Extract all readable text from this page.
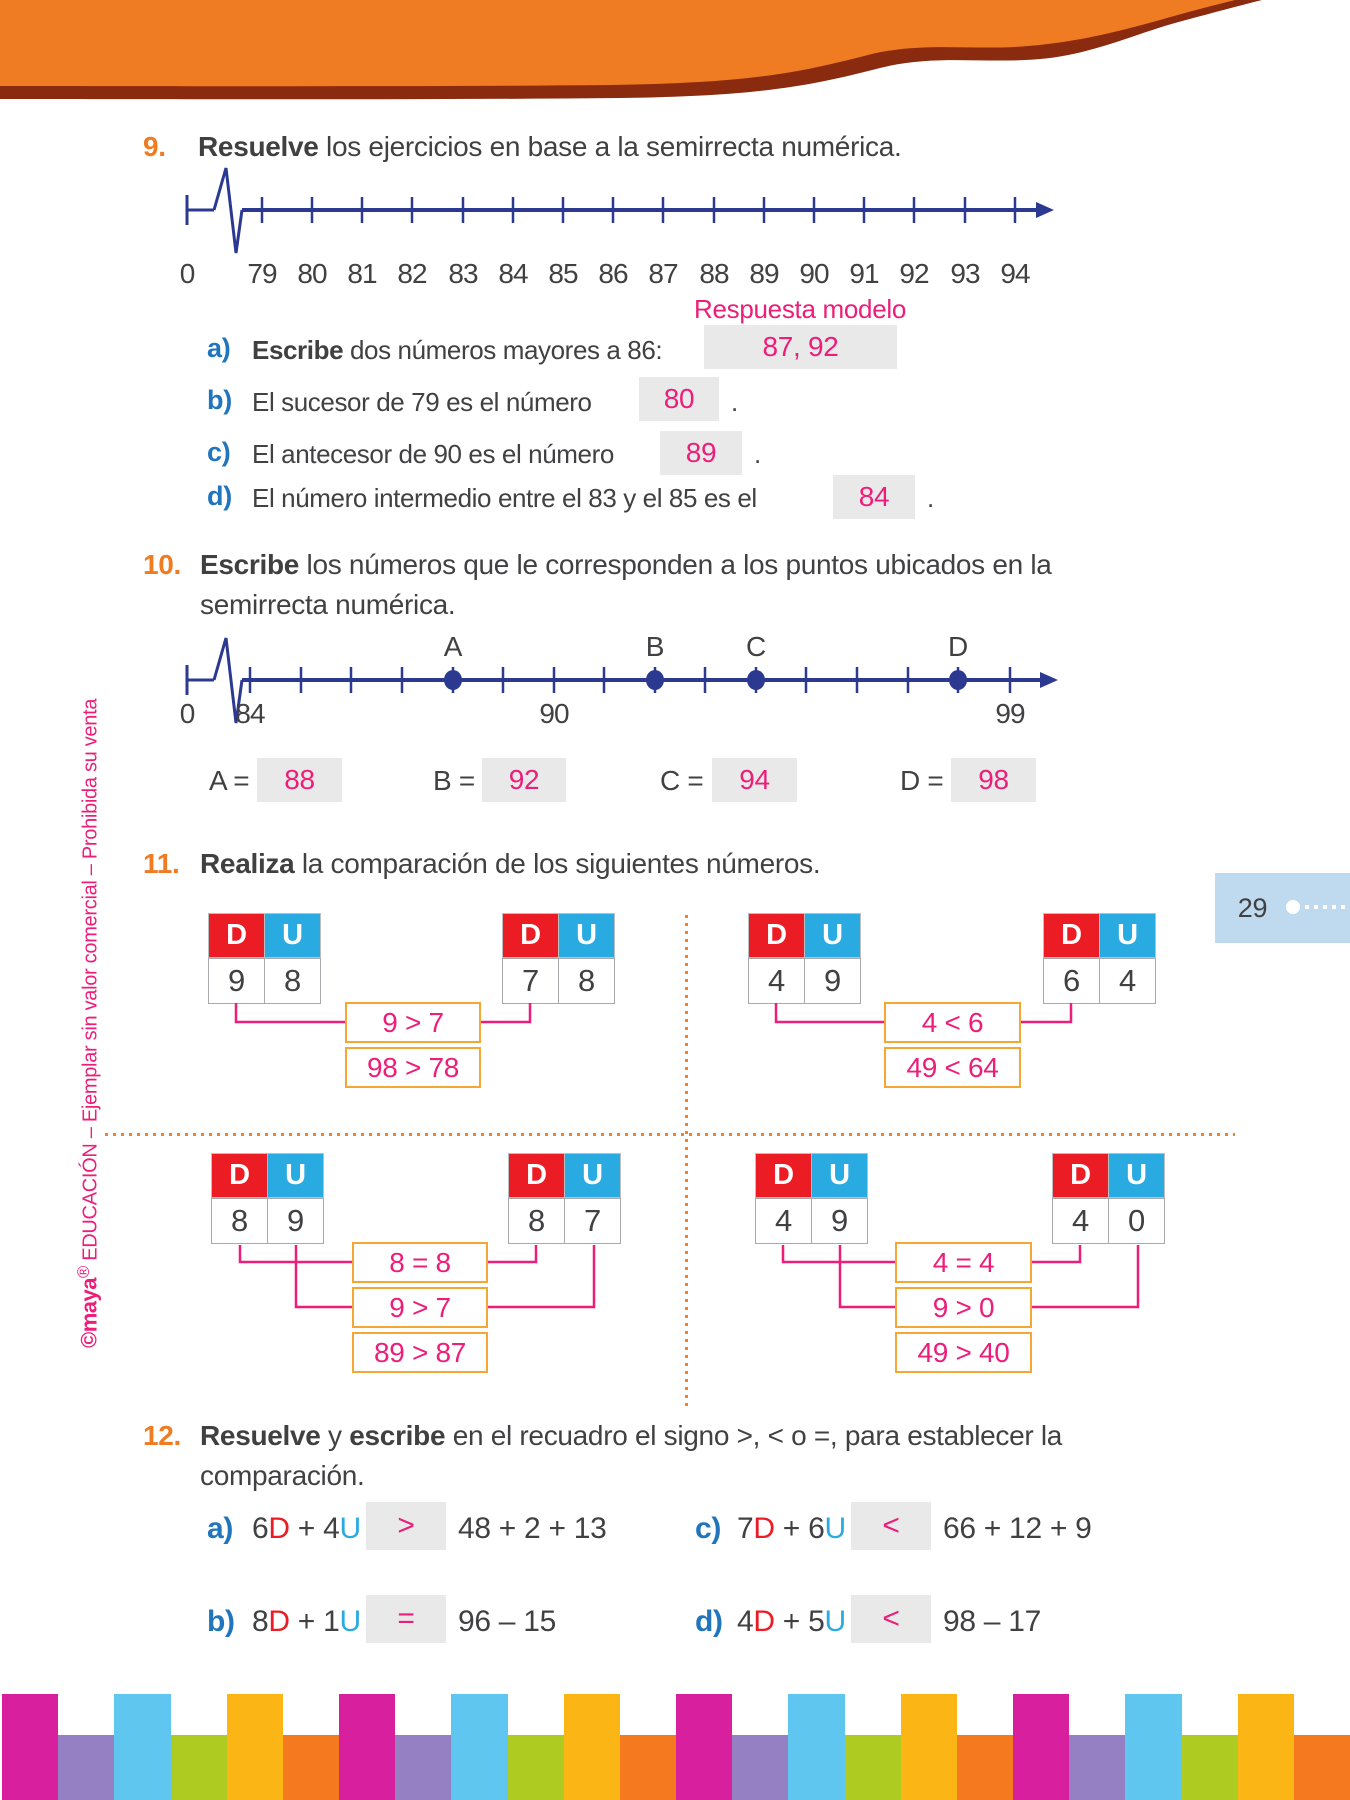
©maya® EDUCACIÓN – Ejemplar sin valor comercial – Prohibida su venta	29
9. Resuelve los ejercicios en base a la semirrecta numérica.
0	79 80 81 82 83 84 85 86 87 88 89 90 91 92 93 94
Respuesta modelo
a) Escribe dos números mayores a 86:	87, 92
b) El sucesor de 79 es el número	80 .
c) El antecesor de 90 es el número	89 .
d) El número intermedio entre el 83 y el 85 es el	84 .
10. Escribe los números que le corresponden a los puntos ubicados en la
semirrecta numérica.
A	B	C	D
0	84	90	99
A = 88	B = 92	C = 94	D = 98
11. Realiza la comparación de los siguientes números.
D	U
9	8
D	U
7	8
9 > 7
98 > 78
D	U
4	9
D	U
6	4
4 < 6
49 < 64
D	U
8	9
D	U
8	7
8 = 8
9 > 7
89 > 87
D	U
4	9
D	U
4	0
4 = 4
9 > 0
49 > 40
12. Resuelve y escribe en el recuadro el signo >, < o =, para establecer la
comparación.
a) 6D + 4U > 48 + 2 + 13	c) 7D + 6U < 66 + 12 + 9
b) 8D + 1U = 96 – 15	d) 4D + 5U < 98 – 17
